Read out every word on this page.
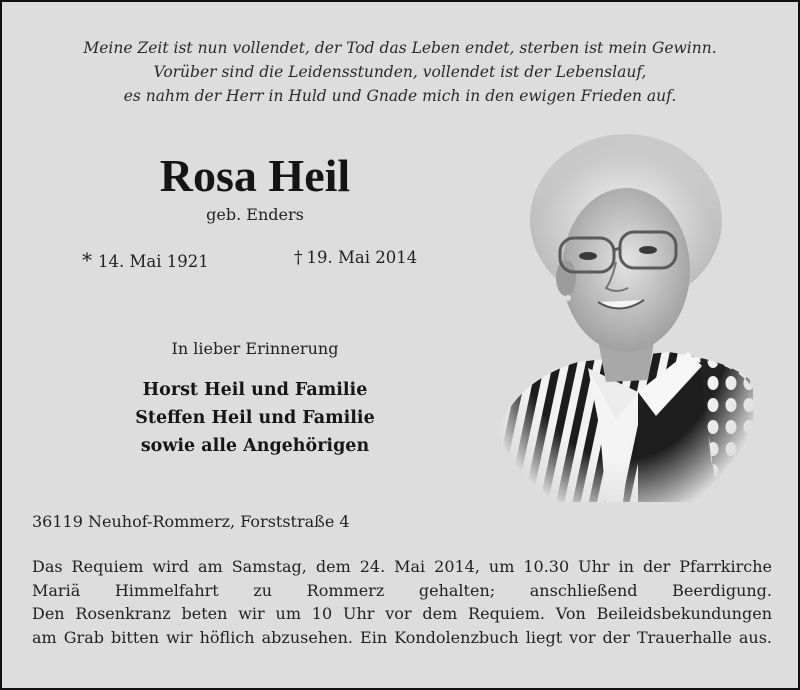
Meine Zeit ist nun vollendet, der Tod das Leben endet, sterben ist mein Gewinn.
Vorüber sind die Leidensstunden, vollendet ist der Lebenslauf,
es nahm der Herr in Huld und Gnade mich in den ewigen Frieden auf.
Rosa Heil
geb. Enders
* 14. Mai 1921	† 19. Mai 2014
In lieber Erinnerung
Horst Heil und Familie
Steffen Heil und Familie
sowie alle Angehörigen
36119 Neuhof-Rommerz, Forststraße 4
Das Requiem wird am Samstag, dem 24. Mai 2014, um 10.30 Uhr in der Pfarrkirche
Mariä Himmelfahrt zu Rommerz gehalten; anschließend Beerdigung.
Den Rosenkranz beten wir um 10 Uhr vor dem Requiem. Von Beileidsbekundungen
am Grab bitten wir höflich abzusehen. Ein Kondolenzbuch liegt vor der Trauerhalle aus.
